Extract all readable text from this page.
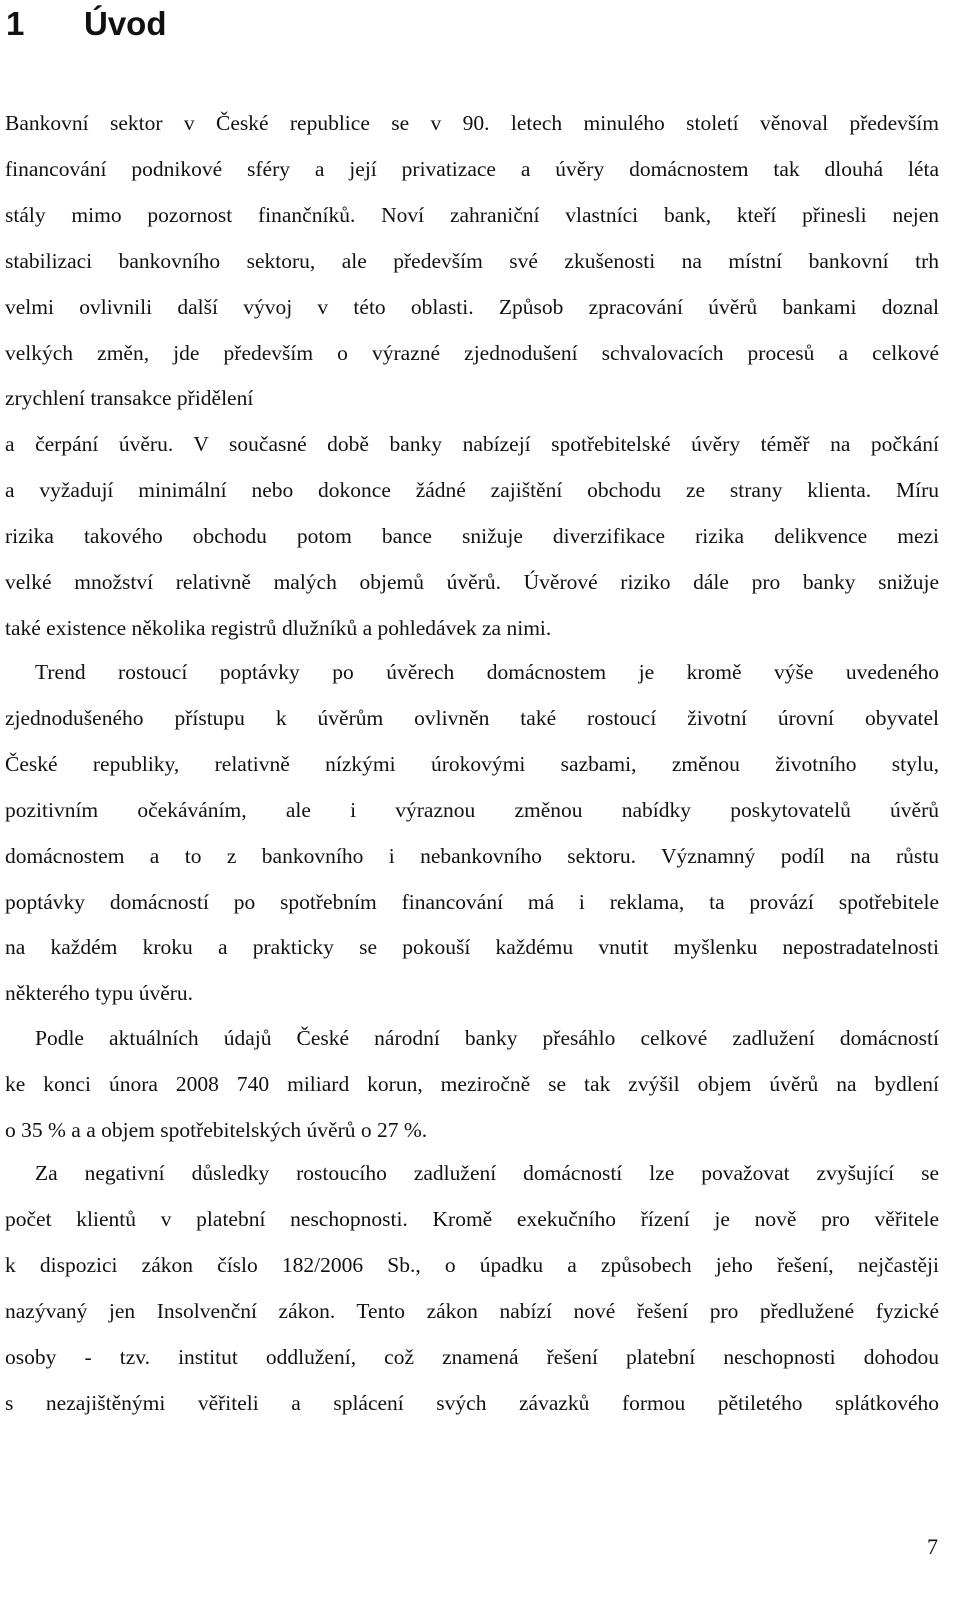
1 Úvod

Bankovní sektor v České republice se v 90. letech minulého století věnoval především
financování podnikové sféry a její privatizace a úvěry domácnostem tak dlouhá léta
stály mimo pozornost finančníků. Noví zahraniční vlastníci bank, kteří přinesli nejen
stabilizaci bankovního sektoru, ale především své zkušenosti na místní bankovní trh
velmi ovlivnili další vývoj v této oblasti. Způsob zpracování úvěrů bankami doznal
velkých změn, jde především o výrazné zjednodušení schvalovacích procesů a celkové
zrychlení transakce přidělení
a čerpání úvěru. V současné době banky nabízejí spotřebitelské úvěry téměř na počkání
a vyžadují minimální nebo dokonce žádné zajištění obchodu ze strany klienta. Míru
rizika takového obchodu potom bance snižuje diverzifikace rizika delikvence mezi
velké množství relativně malých objemů úvěrů. Úvěrové riziko dále pro banky snižuje
také existence několika registrů dlužníků a pohledávek za nimi.

Trend rostoucí poptávky po úvěrech domácnostem je kromě výše uvedeného
zjednodušeného přístupu k úvěrům ovlivněn také rostoucí životní úrovní obyvatel
České republiky, relativně nízkými úrokovými sazbami, změnou životního stylu,
pozitivním očekáváním, ale i výraznou změnou nabídky poskytovatelů úvěrů
domácnostem a to z bankovního i nebankovního sektoru. Významný podíl na růstu
poptávky domácností po spotřebním financování má i reklama, ta provází spotřebitele
na každém kroku a prakticky se pokouší každému vnutit myšlenku nepostradatelnosti
některého typu úvěru.

Podle aktuálních údajů České národní banky přesáhlo celkové zadlužení domácností
ke konci února 2008 740 miliard korun, meziročně se tak zvýšil objem úvěrů na bydlení
o 35 % a a objem spotřebitelských úvěrů o 27 %.

Za negativní důsledky rostoucího zadlužení domácností lze považovat zvyšující se
počet klientů v platební neschopnosti. Kromě exekučního řízení je nově pro věřitele
k dispozici zákon číslo 182/2006 Sb., o úpadku a způsobech jeho řešení, nejčastěji
nazývaný jen Insolvenční zákon. Tento zákon nabízí nové řešení pro předlužené fyzické
osoby - tzv. institut oddlužení, což znamená řešení platební neschopnosti dohodou
s nezajištěnými věřiteli a splácení svých závazků formou pětiletého splátkového

7
